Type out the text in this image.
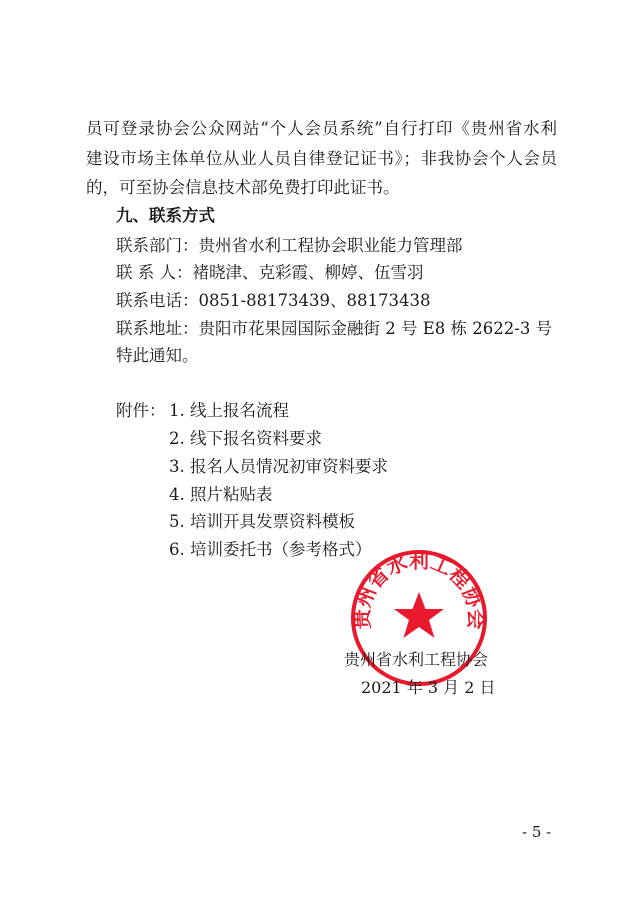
员可登录协会公众网站“个人会员系统”自行打印《贵州省水利
建设市场主体单位从业人员自律登记证书》；非我协会个人会员
的，可至协会信息技术部免费打印此证书。
九、联系方式
联系部门：贵州省水利工程协会职业能力管理部
联 系 人：褚晓津、克彩霞、柳婷、伍雪羽
联系电话：0851-88173439、88173438
联系地址：贵阳市花果园国际金融街 2 号 E8 栋 2622-3 号
特此通知。
附件： 1. 线上报名流程
2. 线下报名资料要求
3. 报名人员情况初审资料要求
4. 照片粘贴表
5. 培训开具发票资料模板
6. 培训委托书（参考格式）
贵州省水利工程协会
贵州省水利工程协会
2021 年 3 月 2 日
- 5 -
